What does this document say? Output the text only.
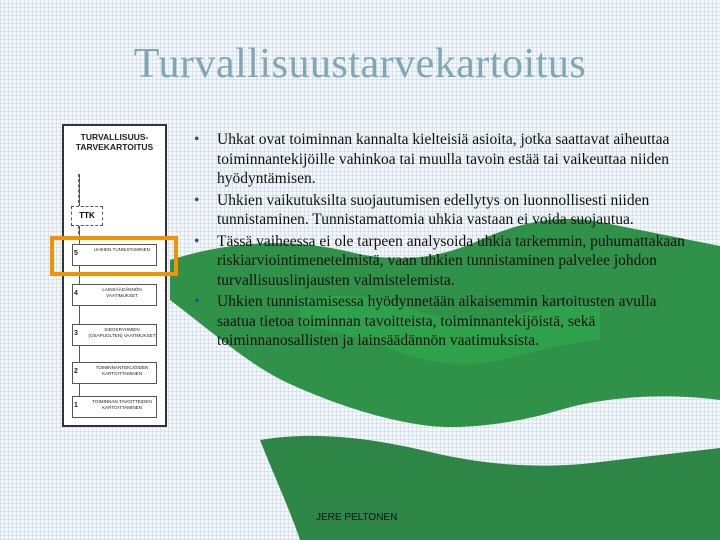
Turvallisuustarvekartoitus
TURVALLISUUS-
TARVEKARTOITUS
TTK
5
UHKIEN TUNNISTAMINEN
4
LAINSÄÄDÄNNÖN VAATIMUKSET
3
SIDOSRYHMIEN (OSAPUOLTEN) VAATIMUKSET
2
TOIMINNANTEKIJÖIDEN KARTOITTAMINEN
1
TOIMINNAN TAVOITTEIDEN KARTOITTAMINEN
• Uhkat ovat toiminnan kannalta kielteisiä asioita, jotka saattavat aiheuttaa toiminnantekijöille vahinkoa tai muulla tavoin estää tai vaikeuttaa niiden hyödyntämisen.
• Uhkien vaikutuksilta suojautumisen edellytys on luonnollisesti niiden tunnistaminen. Tunnistamattomia uhkia vastaan ei voida suojautua.
• Tässä vaiheessa ei ole tarpeen analysoida uhkia tarkemmin, puhumattakaan riskiarviointimenetelmistä, vaan uhkien tunnistaminen palvelee johdon turvallisuuslinjausten valmistelemista.
• Uhkien tunnistamisessa hyödynnetään aikaisemmin kartoitusten avulla saatua tietoa toiminnan tavoitteista, toiminnantekijöistä, sekä toiminnanosallisten ja lainsäädännön vaatimuksista.
JERE PELTONEN
